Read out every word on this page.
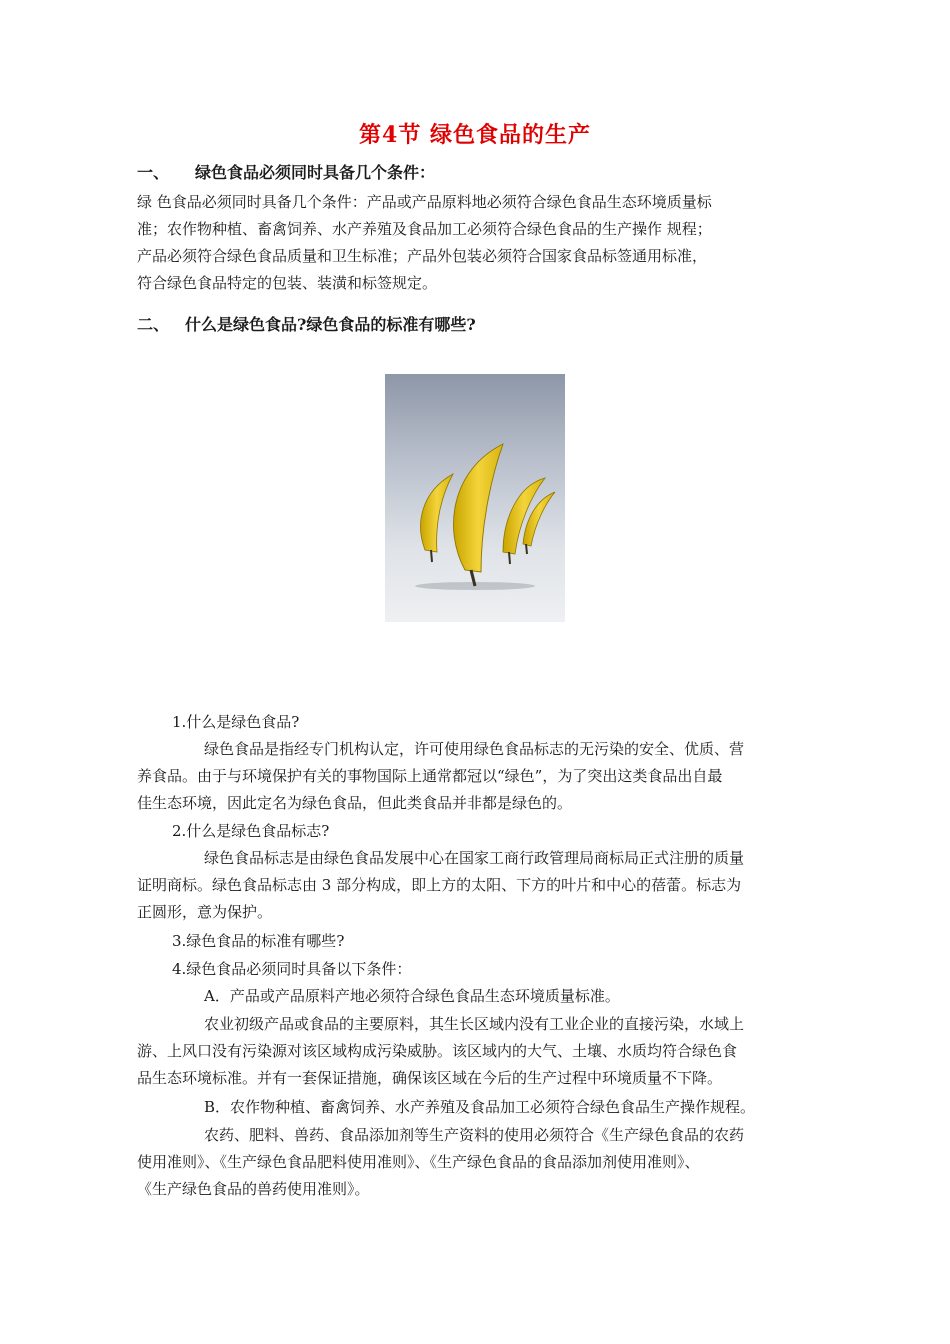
第4节 绿色食品的生产
一、 绿色食品必须同时具备几个条件：
绿 色食品必须同时具备几个条件：产品或产品原料地必须符合绿色食品生态环境质量标
准；农作物种植、畜禽饲养、水产养殖及食品加工必须符合绿色食品的生产操作 规程；
产品必须符合绿色食品质量和卫生标准；产品外包装必须符合国家食品标签通用标准，
符合绿色食品特定的包装、装潢和标签规定。
二、 什么是绿色食品?绿色食品的标准有哪些?
1.什么是绿色食品?
绿色食品是指经专门机构认定，许可使用绿色食品标志的无污染的安全、优质、营
养食品。由于与环境保护有关的事物国际上通常都冠以“绿色”，为了突出这类食品出自最
佳生态环境，因此定名为绿色食品，但此类食品并非都是绿色的。
2.什么是绿色食品标志?
绿色食品标志是由绿色食品发展中心在国家工商行政管理局商标局正式注册的质量
证明商标。绿色食品标志由 3 部分构成，即上方的太阳、下方的叶片和中心的蓓蕾。标志为
正圆形，意为保护。
3.绿色食品的标准有哪些?
4.绿色食品必须同时具备以下条件：
A．产品或产品原料产地必须符合绿色食品生态环境质量标准。
农业初级产品或食品的主要原料，其生长区域内没有工业企业的直接污染，水域上
游、上风口没有污染源对该区域构成污染威胁。该区域内的大气、土壤、水质均符合绿色食
品生态环境标准。并有一套保证措施，确保该区域在今后的生产过程中环境质量不下降。
B．农作物种植、畜禽饲养、水产养殖及食品加工必须符合绿色食品生产操作规程。
农药、肥料、兽药、食品添加剂等生产资料的使用必须符合《生产绿色食品的农药
使用准则》、《生产绿色食品肥料使用准则》、《生产绿色食品的食品添加剂使用准则》、
《生产绿色食品的兽药使用准则》。
